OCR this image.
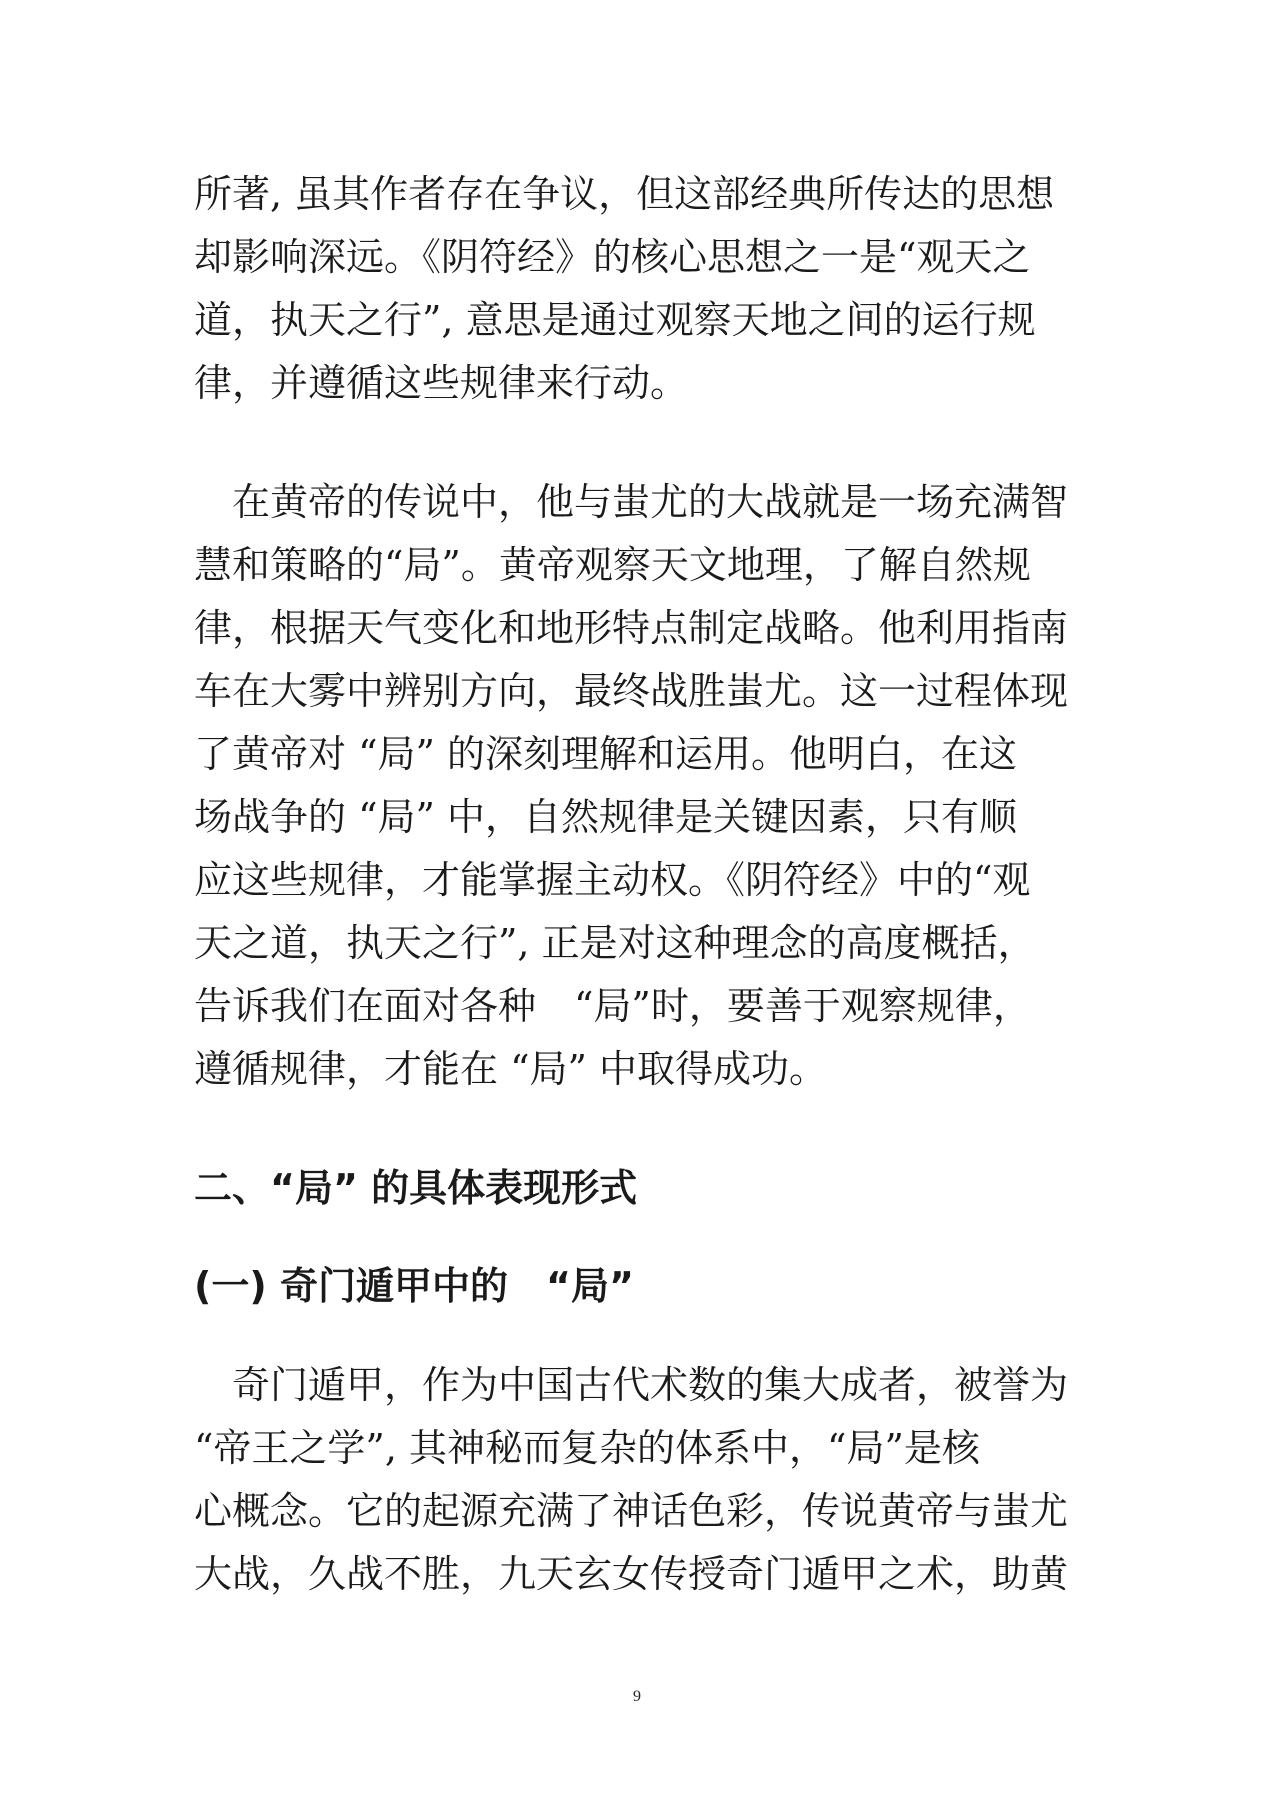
所著, 虽其作者存在争议，但这部经典所传达的思想
却影响深远。《阴符经》的核心思想之一是“观天之
道，执天之行”, 意思是通过观察天地之间的运行规
律，并遵循这些规律来行动。
　在黄帝的传说中，他与蚩尤的大战就是一场充满智
慧和策略的“局”。黄帝观察天文地理，了解自然规
律，根据天气变化和地形特点制定战略。他利用指南
车在大雾中辨别方向，最终战胜蚩尤。这一过程体现
了黄帝对 “局” 的深刻理解和运用。他明白，在这
场战争的 “局” 中，自然规律是关键因素，只有顺
应这些规律，才能掌握主动权。《阴符经》中的“观
天之道，执天之行”, 正是对这种理念的高度概括，
告诉我们在面对各种　“局”时，要善于观察规律，
遵循规律，才能在 “局” 中取得成功。
二、“局” 的具体表现形式
(一) 奇门遁甲中的　“局”
　奇门遁甲，作为中国古代术数的集大成者，被誉为
“帝王之学”, 其神秘而复杂的体系中，“局”是核
心概念。它的起源充满了神话色彩，传说黄帝与蚩尤
大战，久战不胜，九天玄女传授奇门遁甲之术，助黄
9
